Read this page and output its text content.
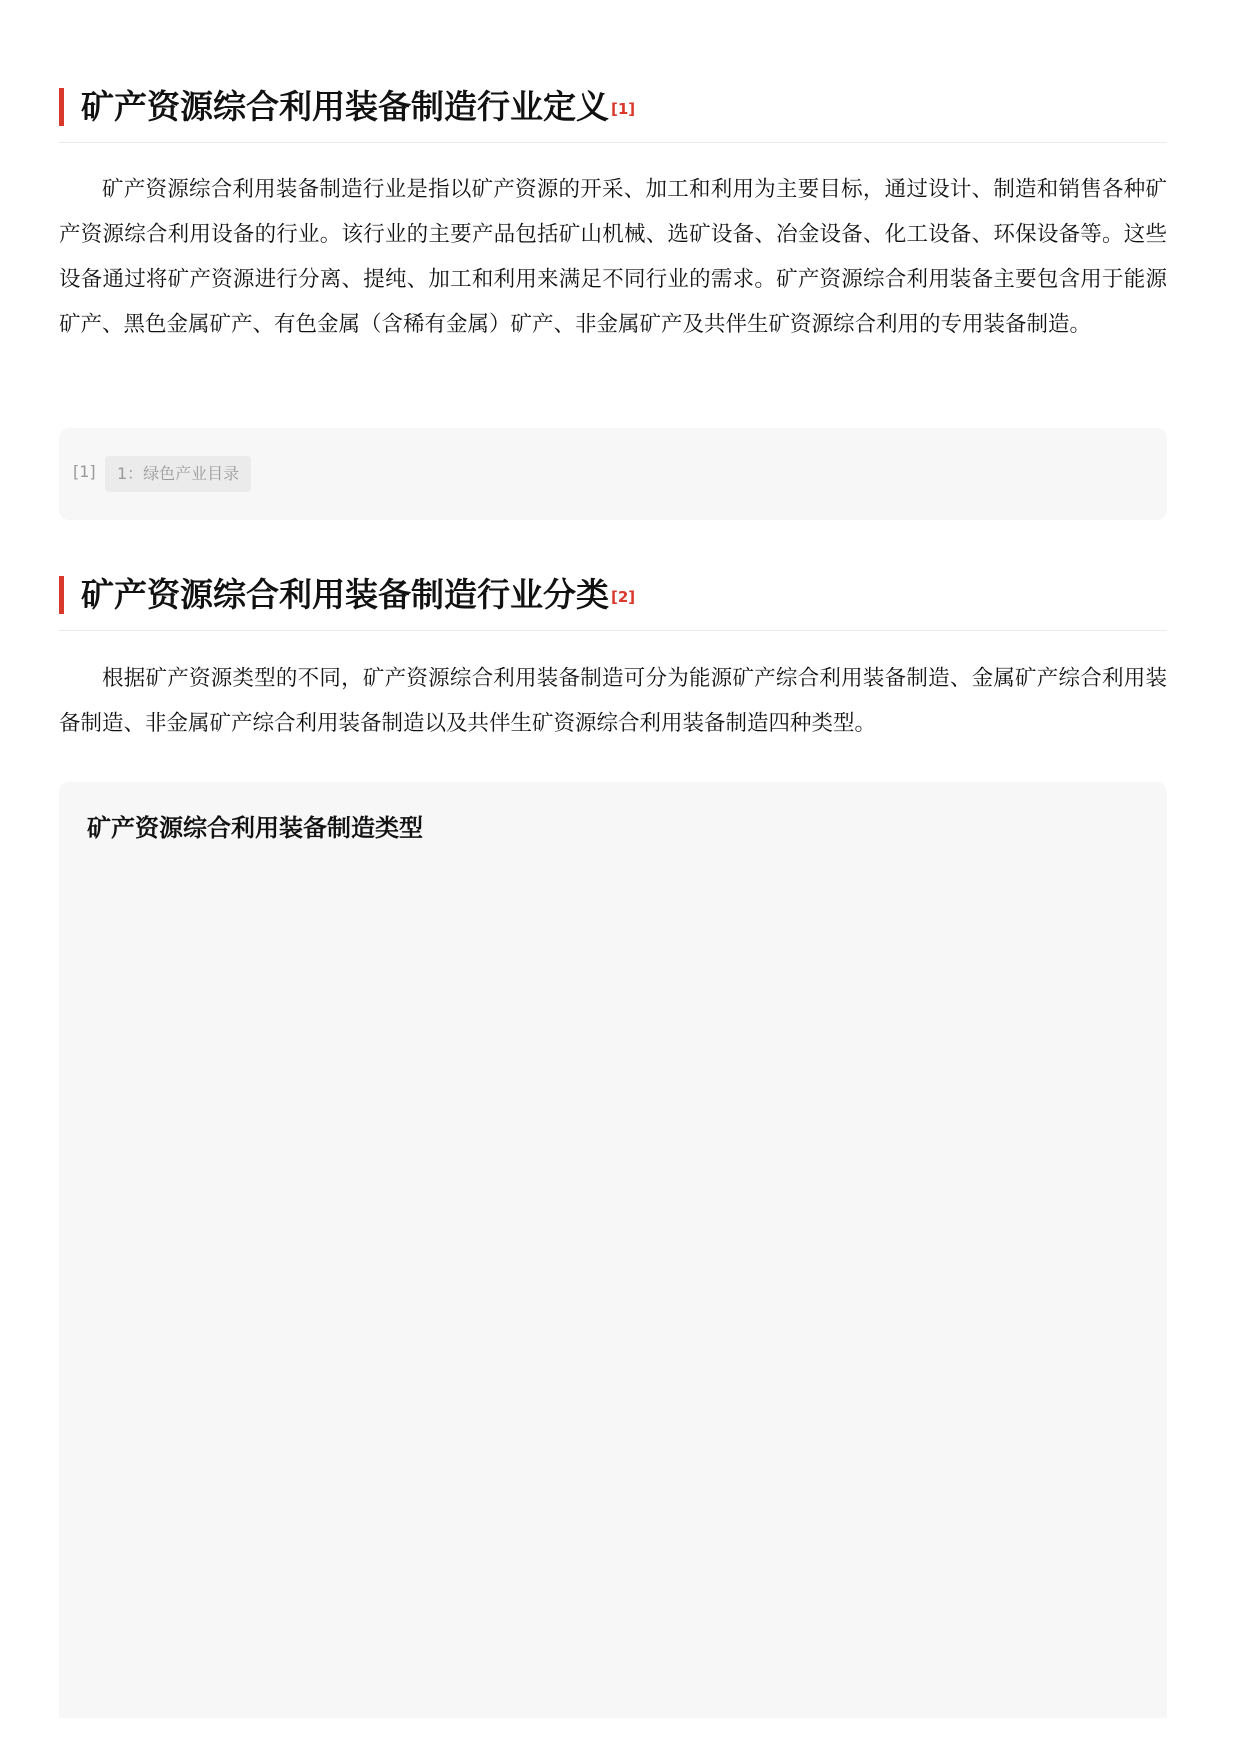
矿产资源综合利用装备制造行业定义 [1]

矿产资源综合利用装备制造行业是指以矿产资源的开采、加工和利用为主要目标，通过设计、制造和销售各种矿产资源综合利用设备的行业。该行业的主要产品包括矿山机械、选矿设备、冶金设备、化工设备、环保设备等。这些设备通过将矿产资源进行分离、提纯、加工和利用来满足不同行业的需求。矿产资源综合利用装备主要包含用于能源矿产、黑色金属矿产、有色金属（含稀有金属）矿产、非金属矿产及共伴生矿资源综合利用的专用装备制造。

[1]	1：绿色产业目录
矿产资源综合利用装备制造行业分类 [2]

根据矿产资源类型的不同，矿产资源综合利用装备制造可分为能源矿产综合利用装备制造、金属矿产综合利用装备制造、非金属矿产综合利用装备制造以及共伴生矿资源综合利用装备制造四种类型。

矿产资源综合利用装备制造类型
